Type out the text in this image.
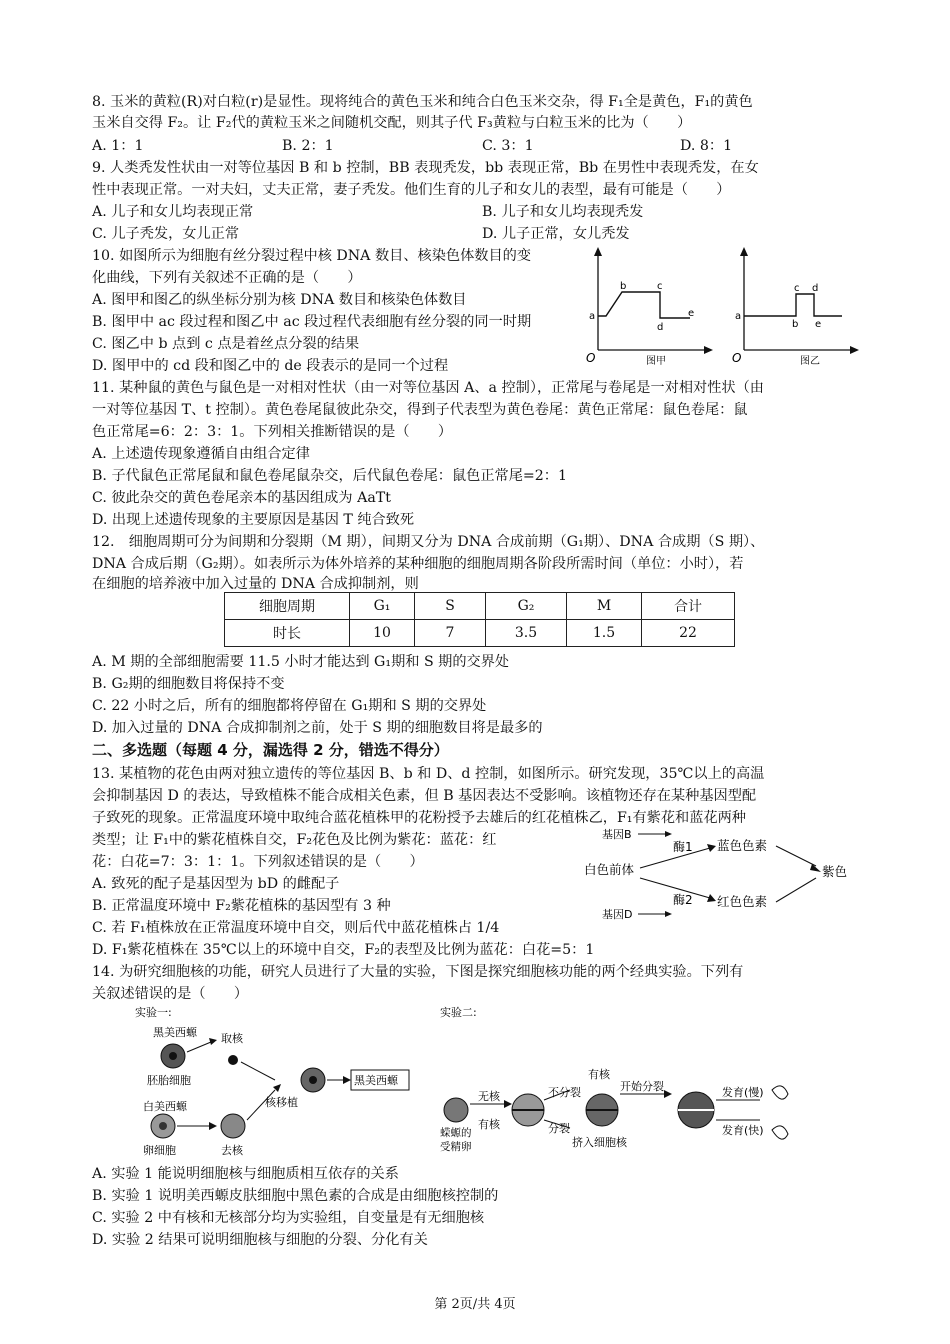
8. 玉米的黄粒(R)对白粒(r)是显性。现将纯合的黄色玉米和纯合白色玉米交杂，得 F₁全是黄色，F₁的黄色
玉米自交得 F₂。让 F₂代的黄粒玉米之间随机交配，则其子代 F₃黄粒与白粒玉米的比为（　　）
A. 1：1	B. 2：1	C. 3：1	D. 8：1
9. 人类秃发性状由一对等位基因 B 和 b 控制，BB 表现秃发，bb 表现正常，Bb 在男性中表现秃发，在女
性中表现正常。一对夫妇，丈夫正常，妻子秃发。他们生育的儿子和女儿的表型，最有可能是（　　）
A. 儿子和女儿均表现正常	B. 儿子和女儿均表现秃发
C. 儿子秃发，女儿正常	D. 儿子正常，女儿秃发
10. 如图所示为细胞有丝分裂过程中核 DNA 数目、核染色体数目的变
化曲线，下列有关叙述不正确的是（　　）
A. 图甲和图乙的纵坐标分别为核 DNA 数目和核染色体数目
B. 图甲中 ac 段过程和图乙中 ac 段过程代表细胞有丝分裂的同一时期
C. 图乙中 b 点到 c 点是着丝点分裂的结果
D. 图甲中的 cd 段和图乙中的 de 段表示的是同一个过程
a
b	c
d
e
O	图甲
a
b
c d
e
O	图乙
11. 某种鼠的黄色与鼠色是一对相对性状（由一对等位基因 A、a 控制），正常尾与卷尾是一对相对性状（由
一对等位基因 T、t 控制）。黄色卷尾鼠彼此杂交，得到子代表型为黄色卷尾：黄色正常尾：鼠色卷尾：鼠
色正常尾=6：2：3：1。下列相关推断错误的是（　　）
A. 上述遗传现象遵循自由组合定律
B. 子代鼠色正常尾鼠和鼠色卷尾鼠杂交，后代鼠色卷尾：鼠色正常尾=2：1
C. 彼此杂交的黄色卷尾亲本的基因组成为 AaTt
D. 出现上述遗传现象的主要原因是基因 T 纯合致死
12.　细胞周期可分为间期和分裂期（M 期），间期又分为 DNA 合成前期（G₁期）、DNA 合成期（S 期）、
DNA 合成后期（G₂期）。如表所示为体外培养的某种细胞的细胞周期各阶段所需时间（单位：小时），若
在细胞的培养液中加入过量的 DNA 合成抑制剂，则
细胞周期	G₁	S	G₂	M	合计
时长	10	7	3.5	1.5	22
A. M 期的全部细胞需要 11.5 小时才能达到 G₁期和 S 期的交界处
B. G₂期的细胞数目将保持不变
C. 22 小时之后，所有的细胞都将停留在 G₁期和 S 期的交界处
D. 加入过量的 DNA 合成抑制剂之前，处于 S 期的细胞数目将是最多的
二、多选题（每题 4 分，漏选得 2 分，错选不得分）
13. 某植物的花色由两对独立遗传的等位基因 B、b 和 D、d 控制，如图所示。研究发现，35℃以上的高温
会抑制基因 D 的表达，导致植株不能合成相关色素，但 B 基因表达不受影响。该植物还存在某种基因型配
子致死的现象。正常温度环境中取纯合蓝花植株甲的花粉授予去雄后的红花植株乙，F₁有紫花和蓝花两种
类型；让 F₁中的紫花植株自交，F₂花色及比例为紫花：蓝花：红
花：白花=7：3：1：1。下列叙述错误的是（　　）
A. 致死的配子是基因型为 bD 的雌配子
B. 正常温度环境中 F₂紫花植株的基因型有 3 种
C. 若 F₁植株放在正常温度环境中自交，则后代中蓝花植株占 1/4
D. F₁紫花植株在 35℃以上的环境中自交，F₂的表型及比例为蓝花：白花=5：1
基因B
酶1 蓝色色素
白色前体
酶2 红色色素
基因D
紫色
14. 为研究细胞核的功能，研究人员进行了大量的实验，下图是探究细胞核功能的两个经典实验。下列有
关叙述错误的是（　　）
实验一:
黑美西螈
胚胎细胞
取核
白美西螈
卵细胞	去核
核移植
黑美西螈
实验二:
蝾螈的
受精卵
无核
有核
不分裂
分裂
有核
挤入细胞核
开始分裂	发育(慢)
发育(快)
A. 实验 1 能说明细胞核与细胞质相互依存的关系
B. 实验 1 说明美西螈皮肤细胞中黑色素的合成是由细胞核控制的
C. 实验 2 中有核和无核部分均为实验组，自变量是有无细胞核
D. 实验 2 结果可说明细胞核与细胞的分裂、分化有关
第 2页/共 4页
